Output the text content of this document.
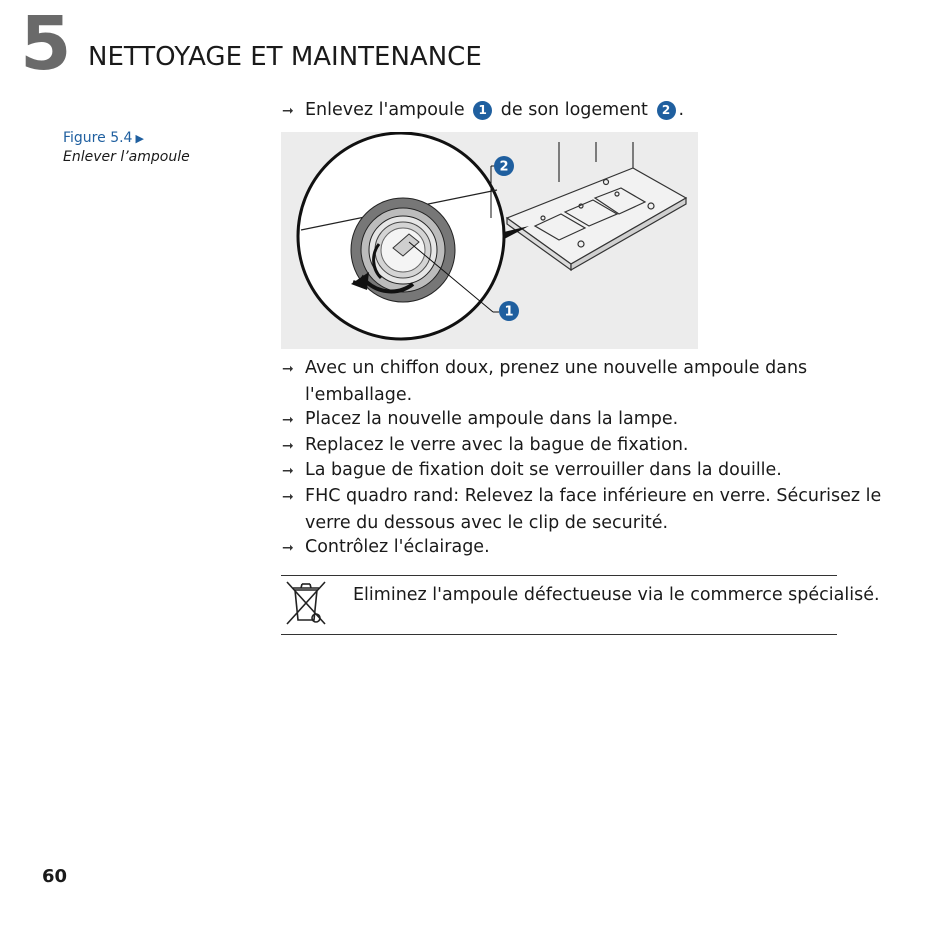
5 NETTOYAGE ET MAINTENANCE
Figure 5.4 ▶
Enlever l’ampoule
➞ Enlevez l'ampoule 1 de son logement 2 .
2
1
➞ Avec un chiffon doux, prenez une nouvelle ampoule dans
l'emballage.
➞ Placez la nouvelle ampoule dans la lampe.
➞ Replacez le verre avec la bague de fixation.
➞ La bague de fixation doit se verrouiller dans la douille.
➞ FHC quadro rand: Relevez la face inférieure en verre. Sécurisez le
verre du dessous avec le clip de securité.
➞ Contrôlez l'éclairage.
Eliminez l'ampoule défectueuse via le commerce spécialisé.
60
